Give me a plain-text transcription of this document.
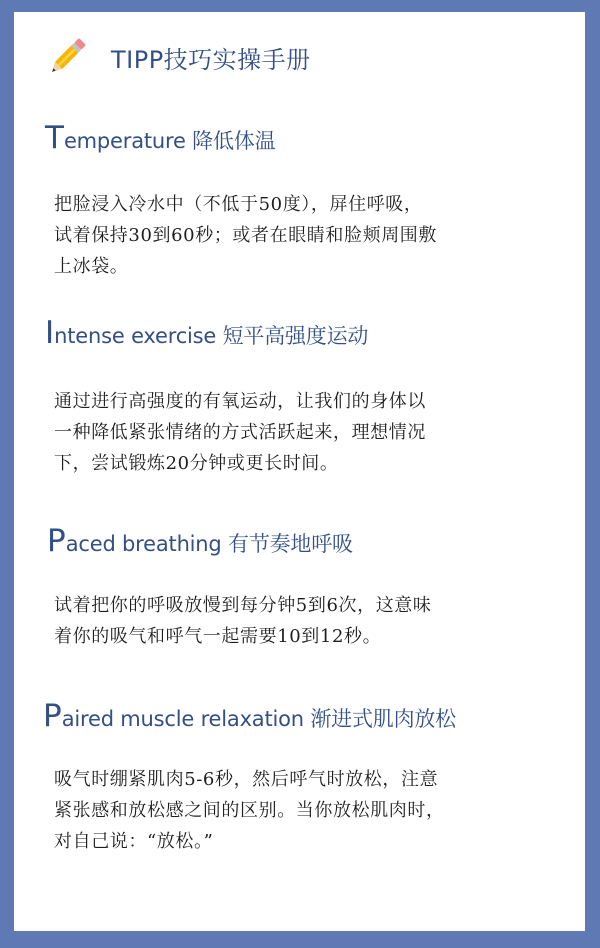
TIPP技巧实操手册
Temperature 降低体温

把脸浸入冷水中（不低于50度），屏住呼吸，
试着保持30到60秒；或者在眼睛和脸颊周围敷
上冰袋。

Intense exercise 短平高强度运动

通过进行高强度的有氧运动，让我们的身体以
一种降低紧张情绪的方式活跃起来，理想情况
下，尝试锻炼20分钟或更长时间。

Paced breathing 有节奏地呼吸

试着把你的呼吸放慢到每分钟5到6次，这意味
着你的吸气和呼气一起需要10到12秒。

Paired muscle relaxation 渐进式肌肉放松

吸气时绷紧肌肉5-6秒，然后呼气时放松，注意
紧张感和放松感之间的区别。当你放松肌肉时，
对自己说：“放松。”
